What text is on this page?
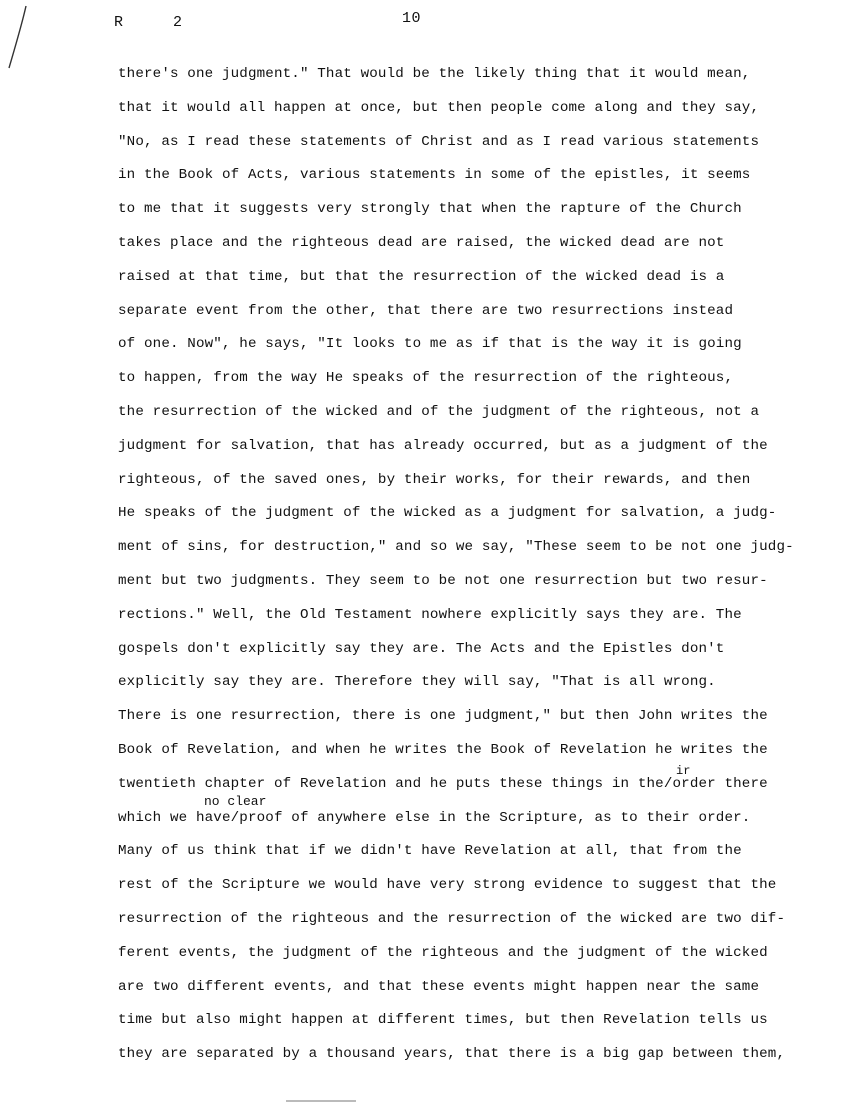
R	2	10
ir
no clear
there's one judgment." That would be the likely thing that it would mean,
that it would all happen at once, but then people come along and they say,
"No, as I read these statements of Christ and as I read various statements
in the Book of Acts, various statements in some of the epistles, it seems
to me that it suggests very strongly that when the rapture of the Church
takes place and the righteous dead are raised, the wicked dead are not
raised at that time, but that the resurrection of the wicked dead is a
separate event from the other, that there are two resurrections instead
of one. Now", he says, "It looks to me as if that is the way it is going
to happen, from the way He speaks of the resurrection of the righteous,
the resurrection of the wicked and of the judgment of the righteous, not a
judgment for salvation, that has already occurred, but as a judgment of the
righteous, of the saved ones, by their works, for their rewards, and then
He speaks of the judgment of the wicked as a judgment for salvation, a judg-
ment of sins, for destruction," and so we say, "These seem to be not one judg-
ment but two judgments. They seem to be not one resurrection but two resur-
rections." Well, the Old Testament nowhere explicitly says they are. The
gospels don't explicitly say they are. The Acts and the Epistles don't
explicitly say they are. Therefore they will say, "That is all wrong.
There is one resurrection, there is one judgment," but then John writes the
Book of Revelation, and when he writes the Book of Revelation he writes the
twentieth chapter of Revelation and he puts these things in the/order there
which we have/proof of anywhere else in the Scripture, as to their order.
Many of us think that if we didn't have Revelation at all, that from the
rest of the Scripture we would have very strong evidence to suggest that the
resurrection of the righteous and the resurrection of the wicked are two dif-
ferent events, the judgment of the righteous and the judgment of the wicked
are two different events, and that these events might happen near the same
time but also might happen at different times, but then Revelation tells us
they are separated by a thousand years, that there is a big gap between them,
